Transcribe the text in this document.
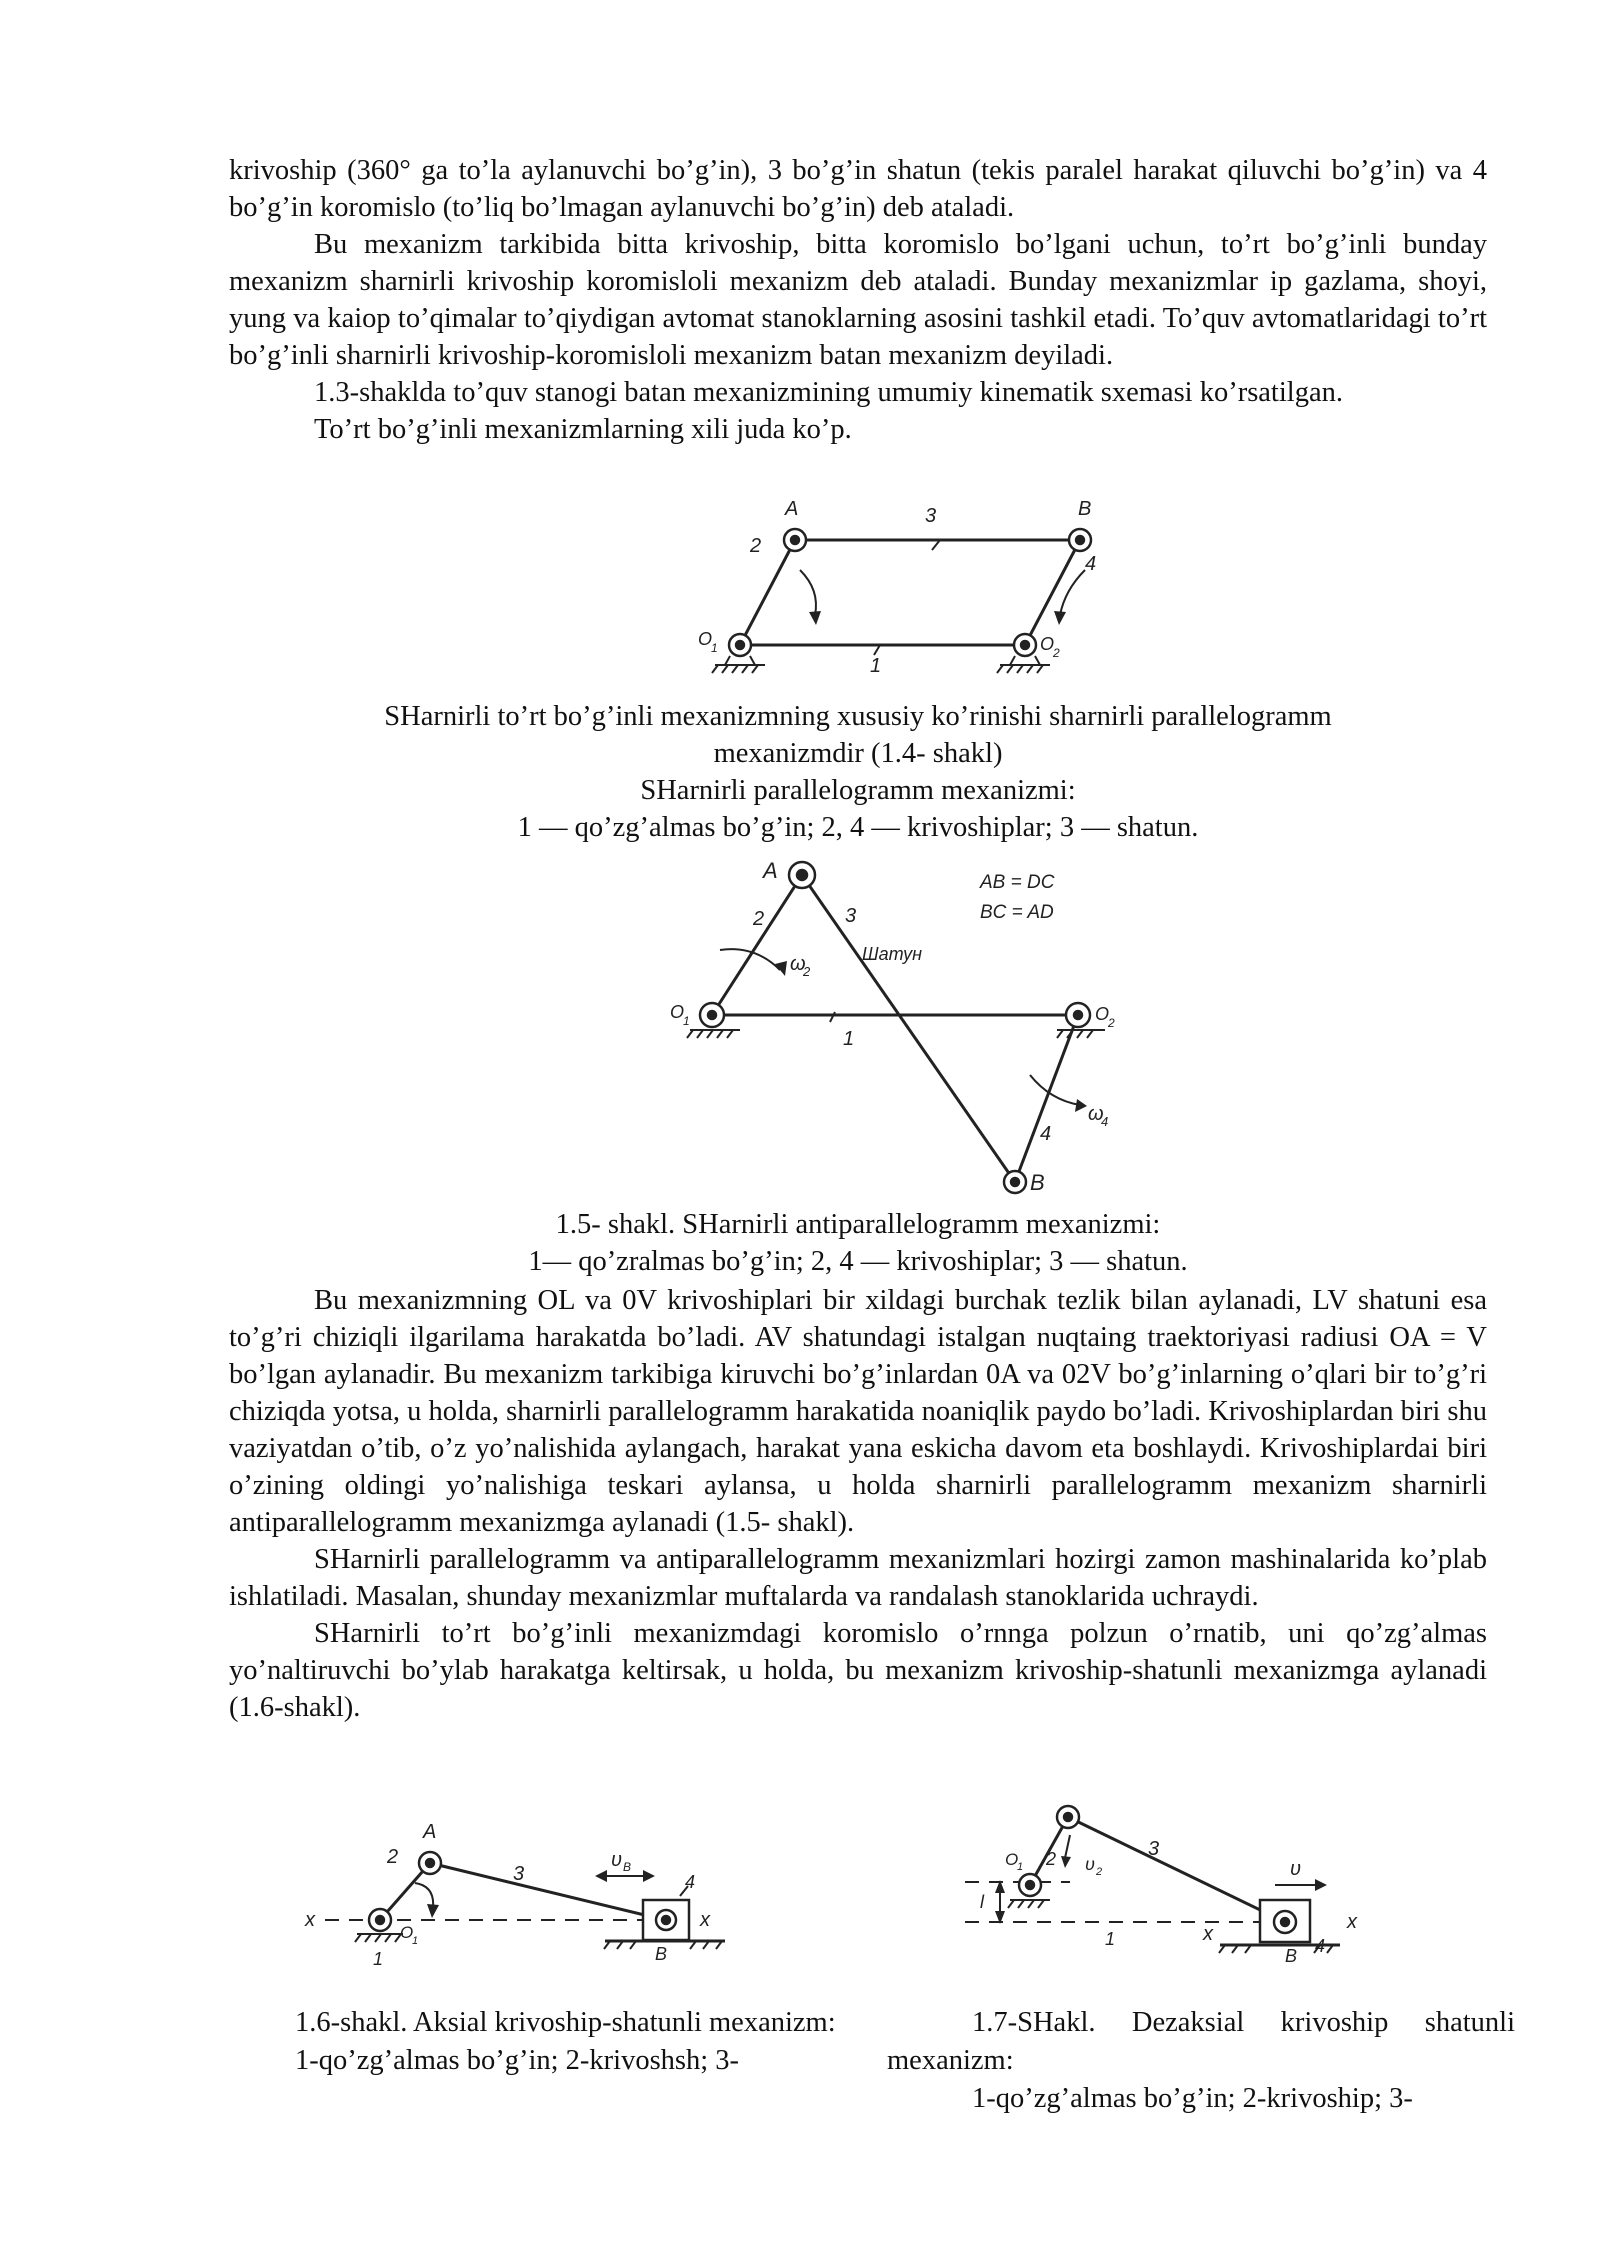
krivoship (360° ga to’la aylanuvchi bo’g’in), 3 bo’g’in shatun (tekis paralel harakat qiluvchi bo’g’in) va 4 bo’g’in koromislo (to’liq bo’lmagan aylanuvchi bo’g’in) deb ataladi.

Bu mexanizm tarkibida bitta krivoship, bitta koromislo bo’lgani uchun, to’rt bo’g’inli bunday mexanizm sharnirli krivoship koromisloli mexanizm deb ataladi. Bunday mexanizmlar ip gazlama, shoyi, yung va kaiop to’qimalar to’qiydigan avtomat stanoklarning asosini tashkil etadi. To’quv avtomatlaridagi to’rt bo’g’inli sharnirli krivoship-koromisloli mexanizm batan mexanizm deyiladi.

1.3-shaklda to’quv stanogi batan mexanizmining umumiy kinematik sxemasi ko’rsatilgan.

To’rt bo’g’inli mexanizmlarning xili juda ko’p.

A	B
3
2
4
1
O
1	O
2
SHarnirli to’rt bo’g’inli mexanizmning xususiy ko’rinishi sharnirli parallelogramm
mexanizmdir (1.4- shakl)
SHarnirli parallelogramm mexanizmi:
1 — qo’zg’almas bo’g’in; 2, 4 — krivoshiplar; 3 — shatun.
A
B
2	3
1
4
Шатун
ω
2
ω
4
O
1	O
2
AB = DC
BC = AD
1.5- shakl. SHarnirli antiparallelogramm mexanizmi:
1— qo’zralmas bo’g’in; 2, 4 — krivoshiplar; 3 — shatun.

Bu mexanizmning OL va 0V krivoshiplari bir xildagi burchak tezlik bilan aylanadi, LV shatuni esa to’g’ri chiziqli ilgarilama harakatda bo’ladi. AV shatundagi istalgan nuqtaing traektoriyasi radiusi OA = V bo’lgan aylanadir. Bu mexanizm tarkibiga kiruvchi bo’g’inlardan 0A va 02V bo’g’inlarning o’qlari bir to’g’ri chiziqda yotsa, u holda, sharnirli parallelogramm harakatida noaniqlik paydo bo’ladi. Krivoshiplardan biri shu vaziyatdan o’tib, o’z yo’nalishida aylangach, harakat yana eskicha davom eta boshlaydi. Krivoshiplardai biri o’zining oldingi yo’nalishiga teskari aylansa, u holda sharnirli parallelogramm mexanizm sharnirli antiparallelogramm mexanizmga aylanadi (1.5- shakl).

SHarnirli parallelogramm va antiparallelogramm mexanizmlari hozirgi zamon mashinalarida ko’plab ishlatiladi. Masalan, shunday mexanizmlar muftalarda va randalash stanoklarida uchraydi.

SHarnirli to’rt bo’g’inli mexanizmdagi koromislo o’rnnga polzun o’rnatib, uni qo’zg’almas yo’naltiruvchi bo’ylab harakatga keltirsak, u holda, bu mexanizm krivoship-shatunli mexanizmga aylanadi (1.6-shakl).

A
B
2
3	4
1
x	x
O
1
υ B	υ 2
2	3
4
B
1	x
x
υ
l
O
1
1.6-shakl. Aksial krivoship-shatunli mexanizm:
1-qo’zg’almas bo’g’in; 2-krivoshsh; 3-
1.7-SHakl. Dezaksial krivoship shatunli mexanizm:
1-qo’zg’almas bo’g’in; 2-krivoship; 3-
